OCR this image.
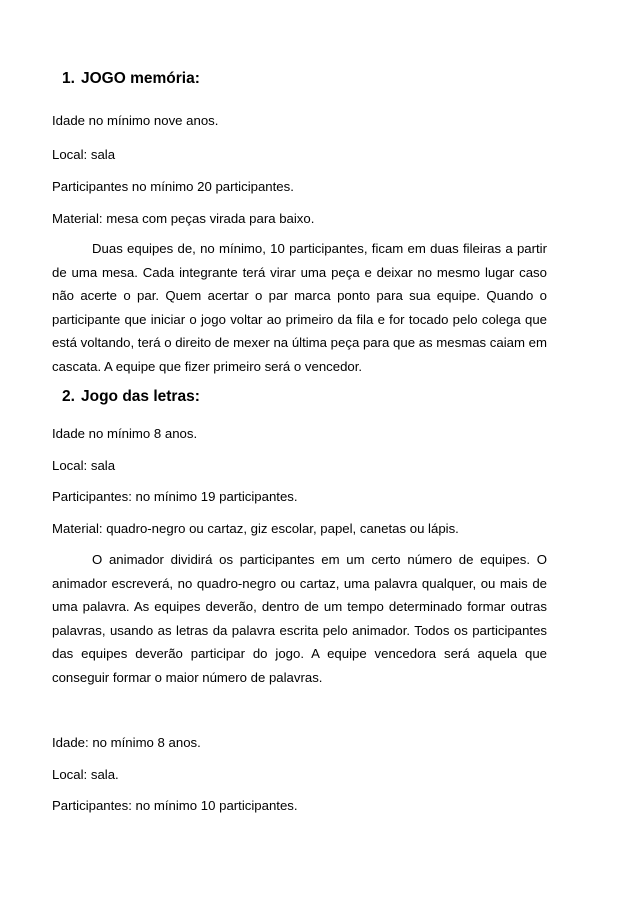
1. JOGO memória:
Idade no mínimo nove anos.
Local: sala
Participantes no mínimo 20 participantes.
Material: mesa com peças virada para baixo.
Duas equipes de, no mínimo, 10 participantes, ficam em duas fileiras a partir de uma mesa. Cada integrante terá virar uma peça e deixar no mesmo lugar caso não acerte o par. Quem acertar o par marca ponto para sua equipe. Quando o participante que iniciar o jogo voltar ao primeiro da fila e for tocado pelo colega que está voltando, terá o direito de mexer na última peça para que as mesmas caiam em cascata. A equipe que fizer primeiro será o vencedor.
2. Jogo das letras:
Idade no mínimo 8 anos.
Local: sala
Participantes: no mínimo 19 participantes.
Material: quadro-negro ou cartaz, giz escolar, papel, canetas ou lápis.
O animador dividirá os participantes em um certo número de equipes. O animador escreverá, no quadro-negro ou cartaz, uma palavra qualquer, ou mais de uma palavra. As equipes deverão, dentro de um tempo determinado formar outras palavras, usando as letras da palavra escrita pelo animador. Todos os participantes das equipes deverão participar do jogo. A equipe vencedora será aquela que conseguir formar o maior número de palavras.
Idade: no mínimo 8 anos.
Local: sala.
Participantes: no mínimo 10 participantes.
